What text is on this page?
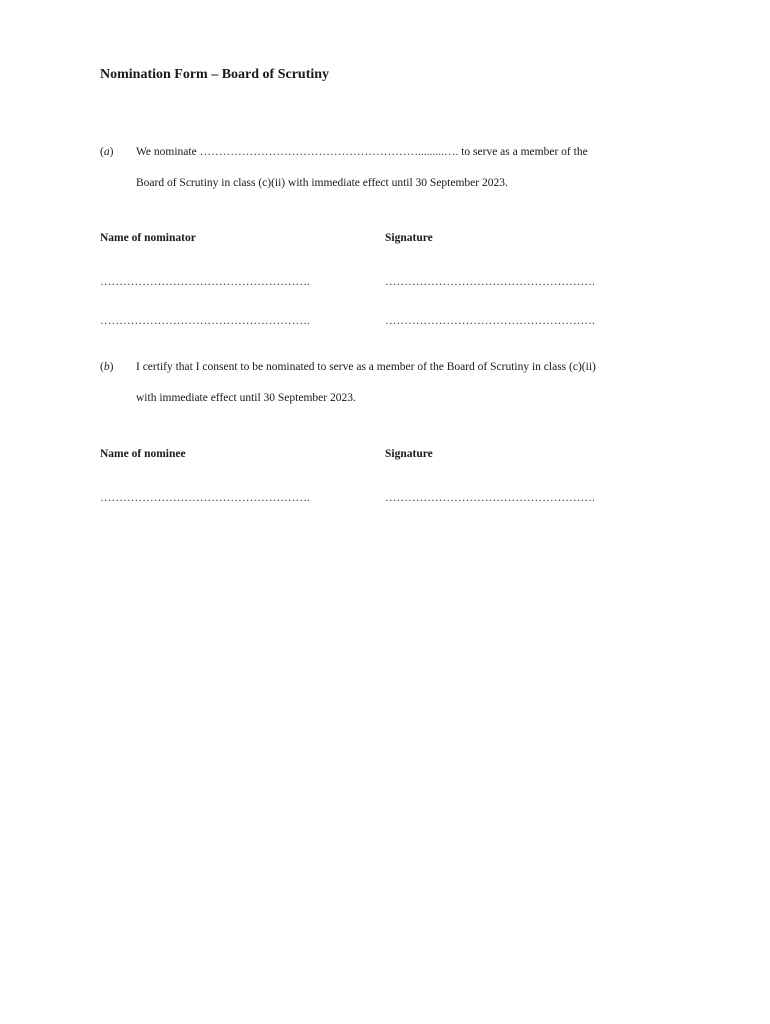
Nomination Form – Board of Scrutiny
(a) We nominate ………………………………………………….........…. to serve as a member of the
Board of Scrutiny in class (c)(ii) with immediate effect until 30 September 2023.
Name of nominator	Signature
……………………………………………….	……………………………………………….
……………………………………………….	……………………………………………….
(b) I certify that I consent to be nominated to serve as a member of the Board of Scrutiny in class (c)(ii)
with immediate effect until 30 September 2023.
Name of nominee	Signature
……………………………………………….	……………………………………………….
